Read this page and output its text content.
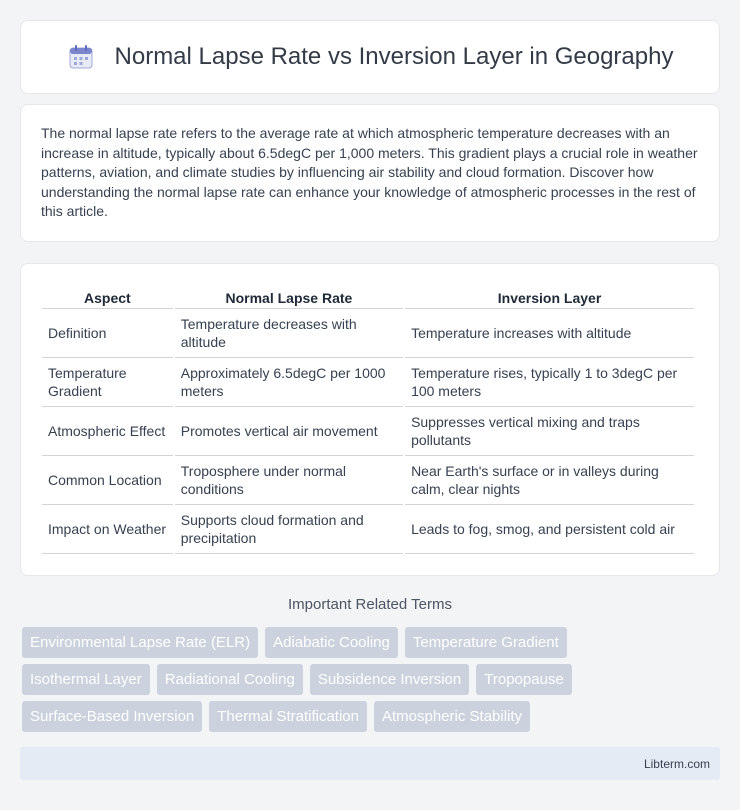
Normal Lapse Rate vs Inversion Layer in Geography

The normal lapse rate refers to the average rate at which atmospheric temperature decreases with an increase in altitude, typically about 6.5degC per 1,000 meters. This gradient plays a crucial role in weather patterns, aviation, and climate studies by influencing air stability and cloud formation. Discover how understanding the normal lapse rate can enhance your knowledge of atmospheric processes in the rest of this article.

Aspect	Normal Lapse Rate	Inversion Layer
Definition	Temperature decreases with altitude	Temperature increases with altitude
Temperature Gradient	Approximately 6.5degC per 1000 meters	Temperature rises, typically 1 to 3degC per 100 meters
Atmospheric Effect	Promotes vertical air movement	Suppresses vertical mixing and traps pollutants
Common Location	Troposphere under normal conditions	Near Earth's surface or in valleys during calm, clear nights
Impact on Weather	Supports cloud formation and precipitation	Leads to fog, smog, and persistent cold air
Important Related Terms
Environmental Lapse Rate (ELR)	Adiabatic Cooling	Temperature Gradient
Isothermal Layer	Radiational Cooling	Subsidence Inversion	Tropopause
Surface-Based Inversion	Thermal Stratification	Atmospheric Stability
Libterm.com
